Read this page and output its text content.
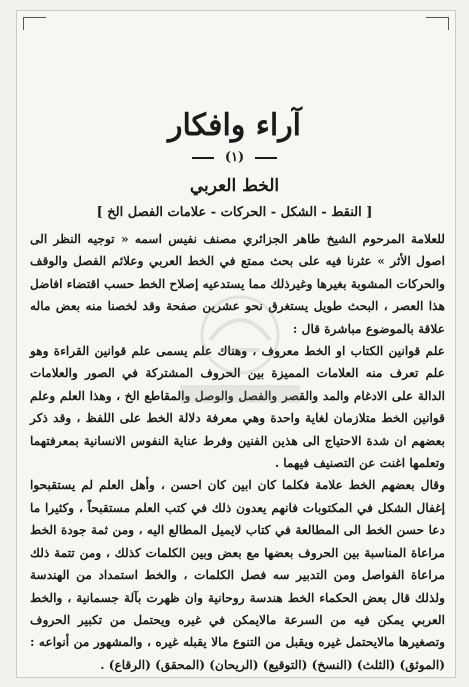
آراء وافكار
(١)
الخط العربي
[ النقط - الشكل - الحركات - علامات الفصل الخ ]

للعلامة المرحوم الشيخ طاهر الجزائري مصنف نفيس اسمه « توجيه النظر الى اصول الأثر » عثرنا فيه على بحث ممتع في الخط العربي وعلائم الفصل والوقف والحركات المشوبة بغيرها وغيرذلك مما يستدعيه إصلاح الخط حسب اقتضاء افاضل هذا العصر ، البحث طويل يستغرق نحو عشرين صفحة وقد لخصنا منه بعض ماله علاقة بالموضوع مباشرة قال :

علم قوانين الكتاب او الخط معروف ، وهناك علم يسمى علم قوانين القراءة وهو علم تعرف منه العلامات المميزة بين الحروف المشتركة في الصور والعلامات الدالة على الادغام والمد والقصر والفصل والوصل والمقاطع الخ ، وهذا العلم وعلم قوانين الخط متلازمان لغاية واحدة وهي معرفة دلالة الخط على اللفظ ، وقد ذكر بعضهم ان شدة الاحتياج الى هذين الفنين وفرط عناية النفوس الانسانية بمعرفتهما وتعلمها اغنت عن التصنيف فيهما .

وقال بعضهم الخط علامة فكلما كان ابين كان احسن ، وأهل العلم لم يستقبحوا إغفال الشكل في المكتوبات فانهم يعدون ذلك في كتب العلم مستقبحاً ، وكثيرا ما دعا حسن الخط الى المطالعة في كتاب لايميل المطالع اليه ، ومن ثمة جودة الخط مراعاة المناسبة بين الحروف بعضها مع بعض وبين الكلمات كذلك ، ومن تتمة ذلك مراعاة الفواصل ومن التدبير سه فصل الكلمات ، والخط استمداد من الهندسة ولذلك قال بعض الحكماء الخط هندسة روحانية وان ظهرت بآلة جسمانية ، والخط العربي يمكن فيه من السرعة مالايمكن في غيره ويحتمل من تكبير الحروف وتصغيرها مالايحتمل غيره ويقبل من التنوع مالا يقبله غيره ، والمشهور من أنواعه : (الموثق) (الثلث) (النسخ) (التوقيع) (الريحان) (المحقق) (الرقاع) .
